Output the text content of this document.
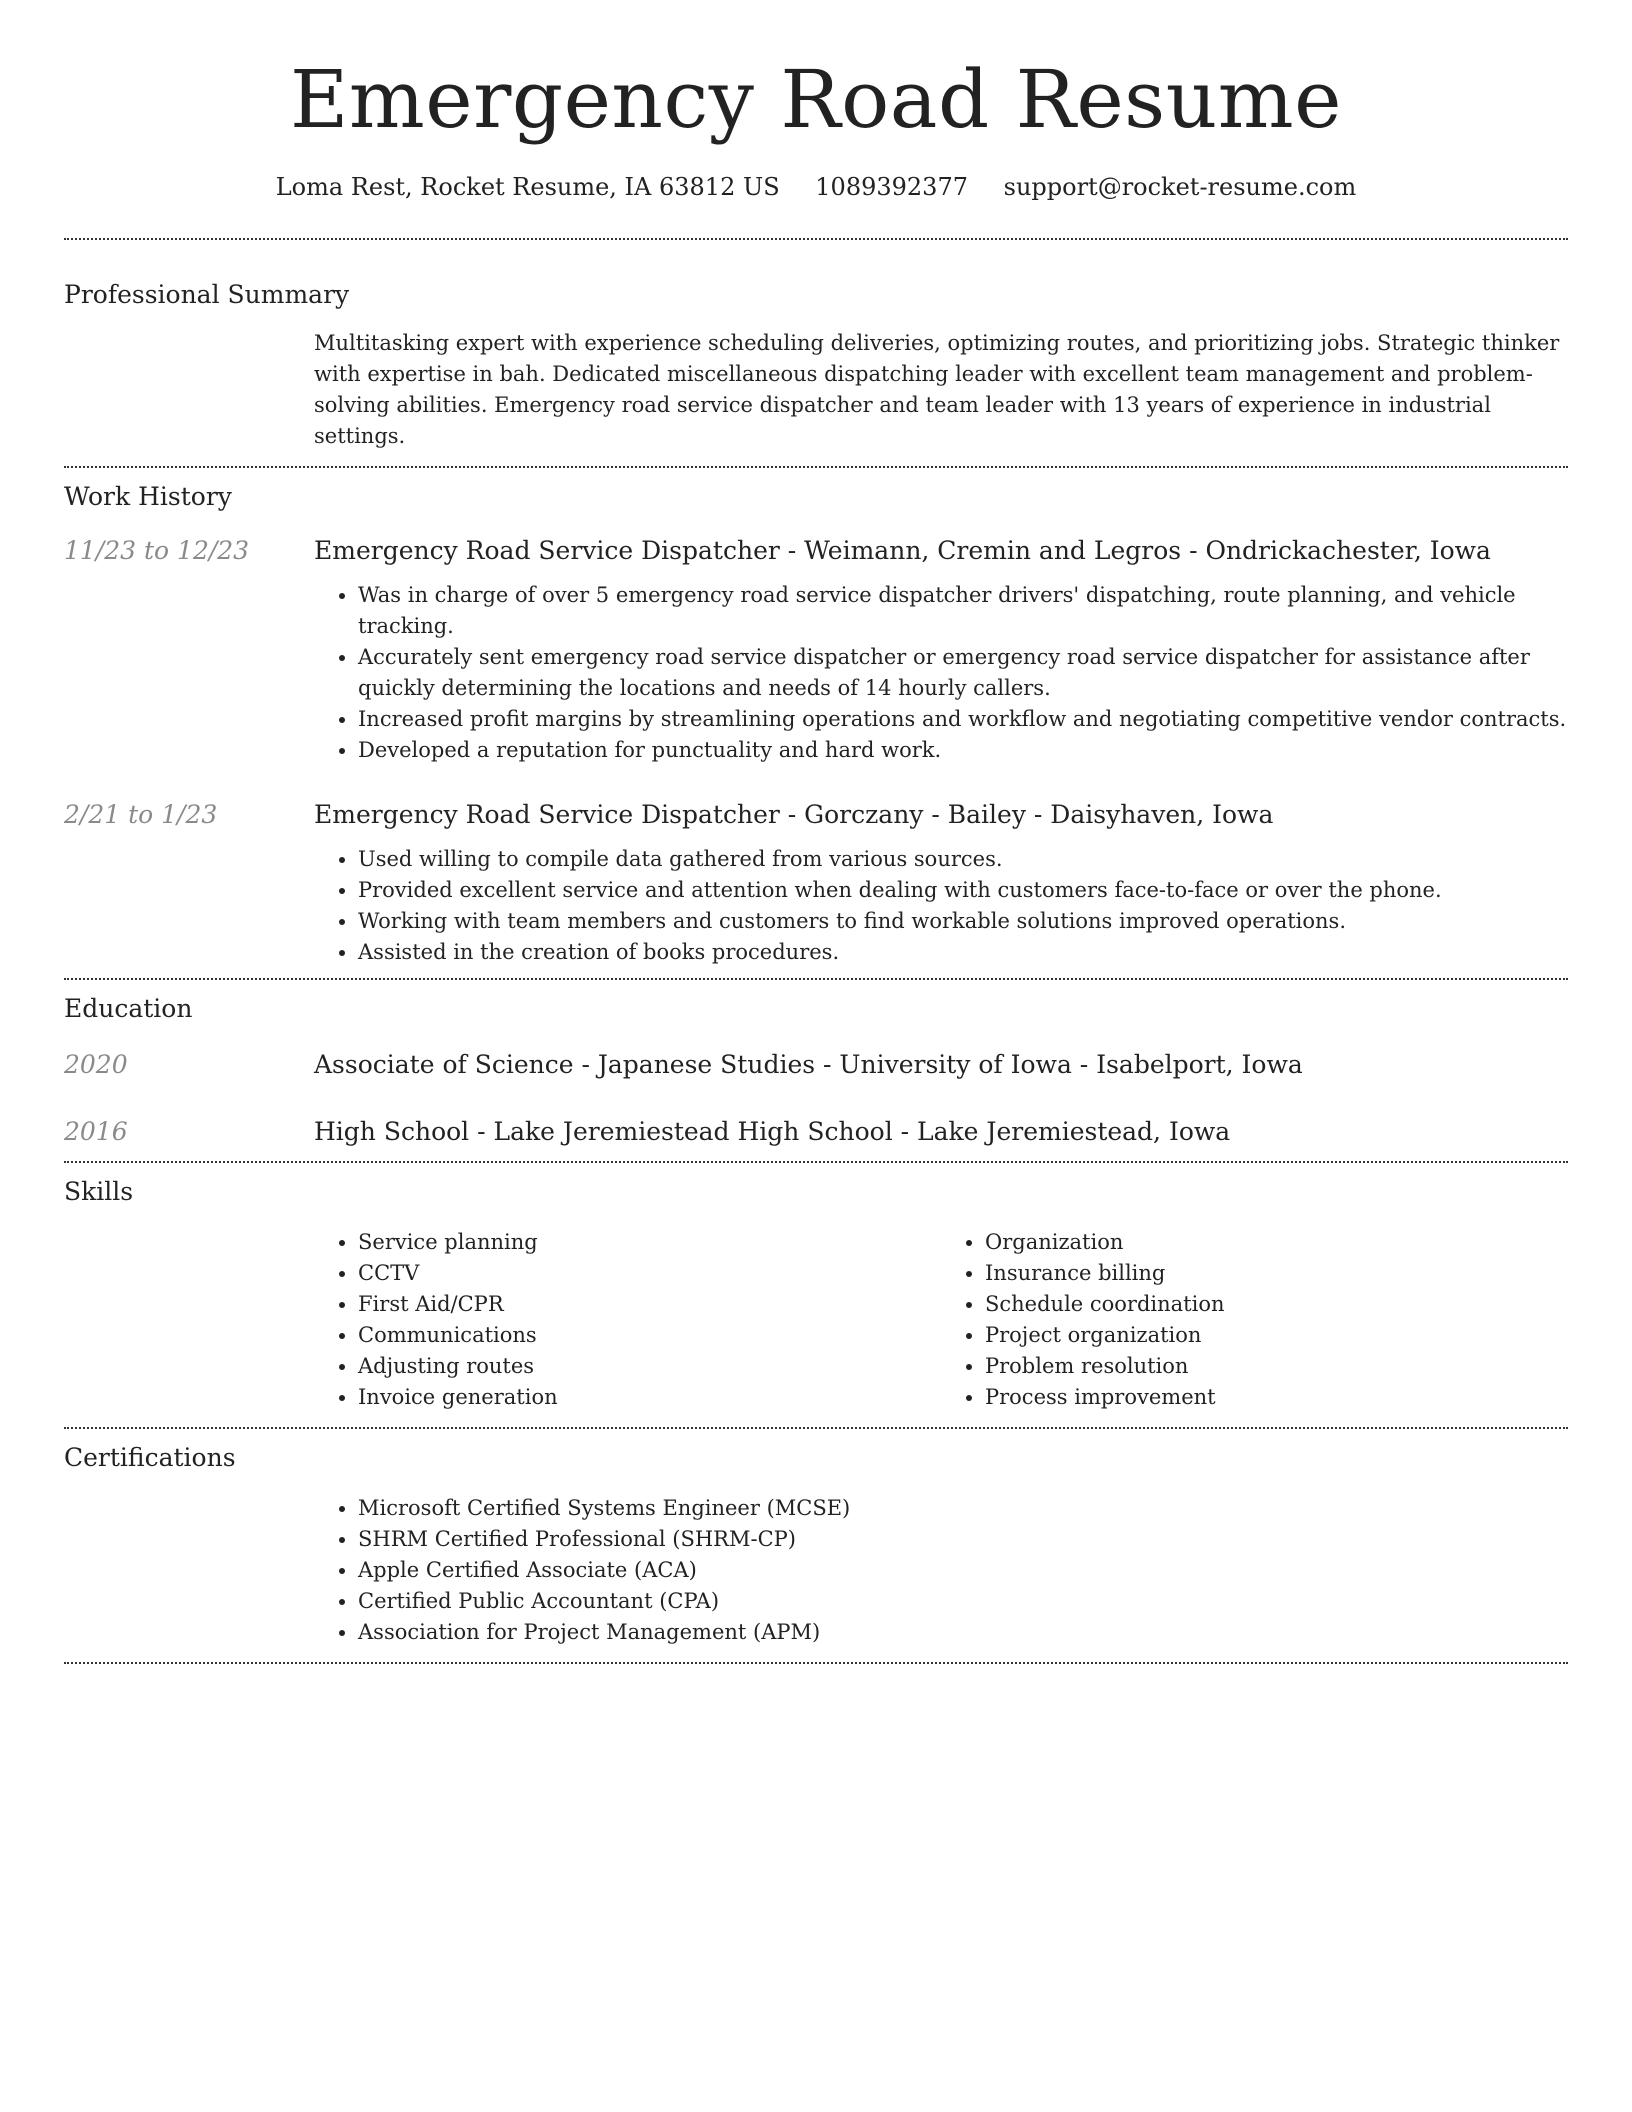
Emergency Road Resume
Loma Rest, Rocket Resume, IA 63812 US 1089392377 support@rocket-resume.com
Professional Summary
Multitasking expert with experience scheduling deliveries, optimizing routes, and prioritizing jobs. Strategic thinker with expertise in bah. Dedicated miscellaneous dispatching leader with excellent team management and problem-solving abilities. Emergency road service dispatcher and team leader with 13 years of experience in industrial settings.
Work History
11/23 to 12/23	Emergency Road Service Dispatcher - Weimann, Cremin and Legros - Ondrickachester, Iowa
• Was in charge of over 5 emergency road service dispatcher drivers' dispatching, route planning, and vehicle tracking.
• Accurately sent emergency road service dispatcher or emergency road service dispatcher for assistance after quickly determining the locations and needs of 14 hourly callers.
• Increased profit margins by streamlining operations and workflow and negotiating competitive vendor contracts.
• Developed a reputation for punctuality and hard work.
2/21 to 1/23	Emergency Road Service Dispatcher - Gorczany - Bailey - Daisyhaven, Iowa
• Used willing to compile data gathered from various sources.
• Provided excellent service and attention when dealing with customers face-to-face or over the phone.
• Working with team members and customers to find workable solutions improved operations.
• Assisted in the creation of books procedures.
Education
2020	Associate of Science - Japanese Studies - University of Iowa - Isabelport, Iowa
2016	High School - Lake Jeremiestead High School - Lake Jeremiestead, Iowa
Skills
• Service planning
• CCTV
• First Aid/CPR
• Communications
• Adjusting routes
• Invoice generation
• Organization
• Insurance billing
• Schedule coordination
• Project organization
• Problem resolution
• Process improvement
Certifications
• Microsoft Certified Systems Engineer (MCSE)
• SHRM Certified Professional (SHRM-CP)
• Apple Certified Associate (ACA)
• Certified Public Accountant (CPA)
• Association for Project Management (APM)
